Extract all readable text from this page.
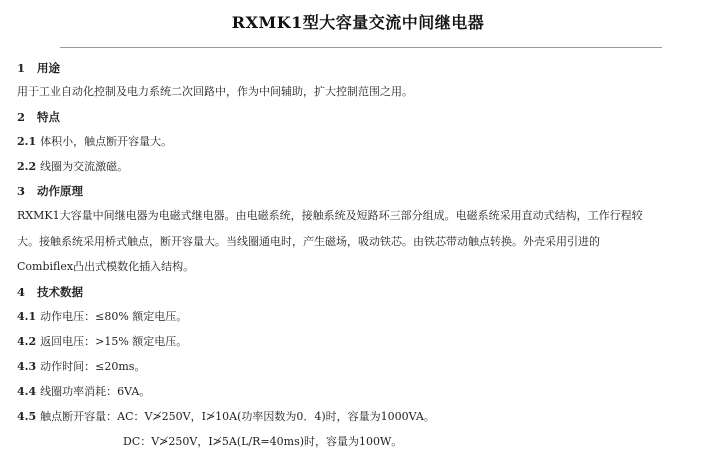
RXMK1型大容量交流中间继电器
1 用途
用于工业自动化控制及电力系统二次回路中，作为中间辅助，扩大控制范围之用。
2 特点
2.1 体积小，触点断开容量大。
2.2 线圈为交流激磁。
3 动作原理
RXMK1大容量中间继电器为电磁式继电器。由电磁系统，接触系统及短路环三部分组成。电磁系统采用直动式结构，工作行程较
大。接触系统采用桥式触点，断开容量大。当线圈通电时，产生磁场，吸动铁芯。由铁芯带动触点转换。外壳采用引进的
Combiflex凸出式模数化插入结构。
4 技术数据
4.1 动作电压：≤80% 额定电压。
4.2 返回电压：>15% 额定电压。
4.3 动作时间：≤20ms。
4.4 线圈功率消耗：6VA。
4.5 触点断开容量：AC：V≯250V，I≯10A(功率因数为0．4)时，容量为1000VA。
DC：V≯250V，I≯5A(L/R=40ms)时，容量为100W。
